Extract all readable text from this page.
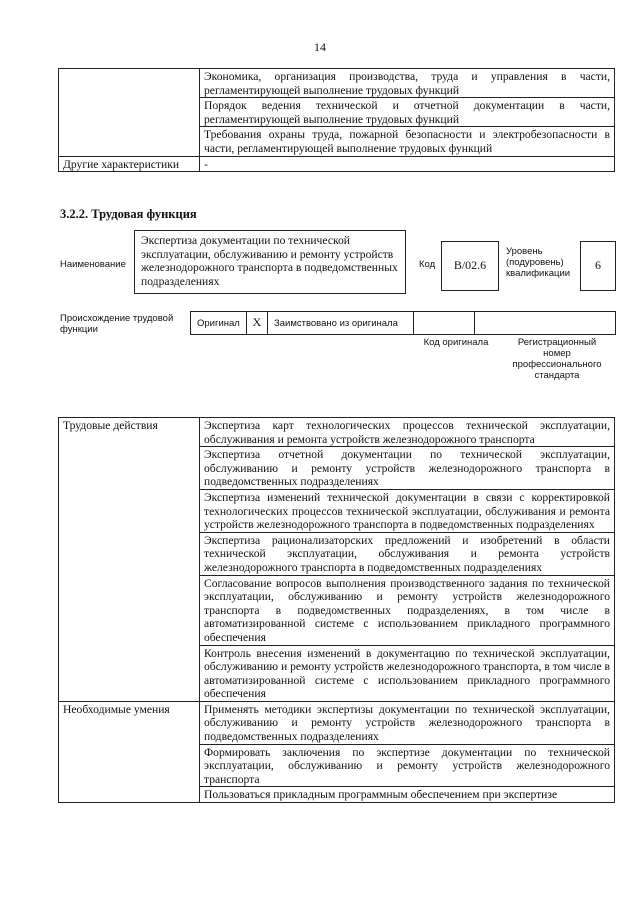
14
	Экономика, организация производства, труда и управления в части, регламентирующей выполнение трудовых функций
	Порядок ведения технической и отчетной документации в части, регламентирующей выполнение трудовых функций
	Требования охраны труда, пожарной безопасности и электробезопасности в части, регламентирующей выполнение трудовых функций
Другие характеристики	-
3.2.2. Трудовая функция
Наименование
Экспертиза документации по технической эксплуатации, обслуживанию и ремонту устройств железнодорожного транспорта в подведомственных подразделениях
Код	B/02.6
Уровень (подуровень) квалификации
6
Происхождение трудовой функции
Оригинал	X	Заимствовано из оригинала
Код оригинала	Регистрационный номер профессионального стандарта
Трудовые действия	Экспертиза карт технологических процессов технической эксплуатации, обслуживания и ремонта устройств железнодорожного транспорта
	Экспертиза отчетной документации по технической эксплуатации, обслуживанию и ремонту устройств железнодорожного транспорта в подведомственных подразделениях
	Экспертиза изменений технической документации в связи с корректировкой технологических процессов технической эксплуатации, обслуживания и ремонта устройств железнодорожного транспорта в подведомственных подразделениях
	Экспертиза рационализаторских предложений и изобретений в области технической эксплуатации, обслуживания и ремонта устройств железнодорожного транспорта в подведомственных подразделениях
	Согласование вопросов выполнения производственного задания по технической эксплуатации, обслуживанию и ремонту устройств железнодорожного транспорта в подведомственных подразделениях, в том числе в автоматизированной системе с использованием прикладного программного обеспечения
	Контроль внесения изменений в документацию по технической эксплуатации, обслуживанию и ремонту устройств железнодорожного транспорта, в том числе в автоматизированной системе с использованием прикладного программного обеспечения
Необходимые умения	Применять методики экспертизы документации по технической эксплуатации, обслуживанию и ремонту устройств железнодорожного транспорта в подведомственных подразделениях
	Формировать заключения по экспертизе документации по технической эксплуатации, обслуживанию и ремонту устройств железнодорожного транспорта
	Пользоваться прикладным программным обеспечением при экспертизе
